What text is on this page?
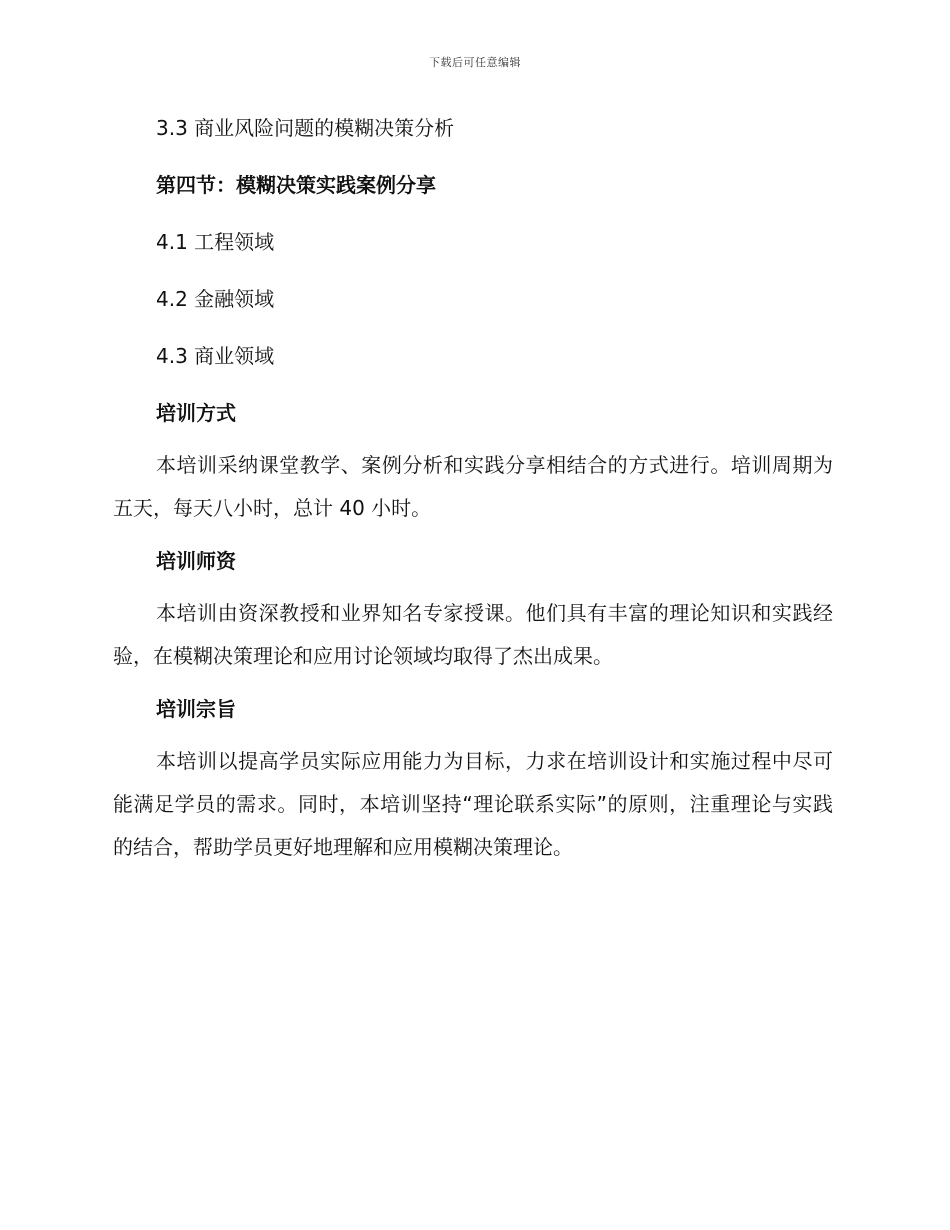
下载后可任意编辑

3.3 商业风险问题的模糊决策分析

第四节：模糊决策实践案例分享

4.1 工程领域

4.2 金融领域

4.3 商业领域

培训方式

本培训采纳课堂教学、案例分析和实践分享相结合的方式进行。培训周期为五天，每天八小时，总计 40 小时。

培训师资

本培训由资深教授和业界知名专家授课。他们具有丰富的理论知识和实践经验，在模糊决策理论和应用讨论领域均取得了杰出成果。

培训宗旨

本培训以提高学员实际应用能力为目标，力求在培训设计和实施过程中尽可能满足学员的需求。同时，本培训坚持“理论联系实际”的原则，注重理论与实践的结合，帮助学员更好地理解和应用模糊决策理论。
